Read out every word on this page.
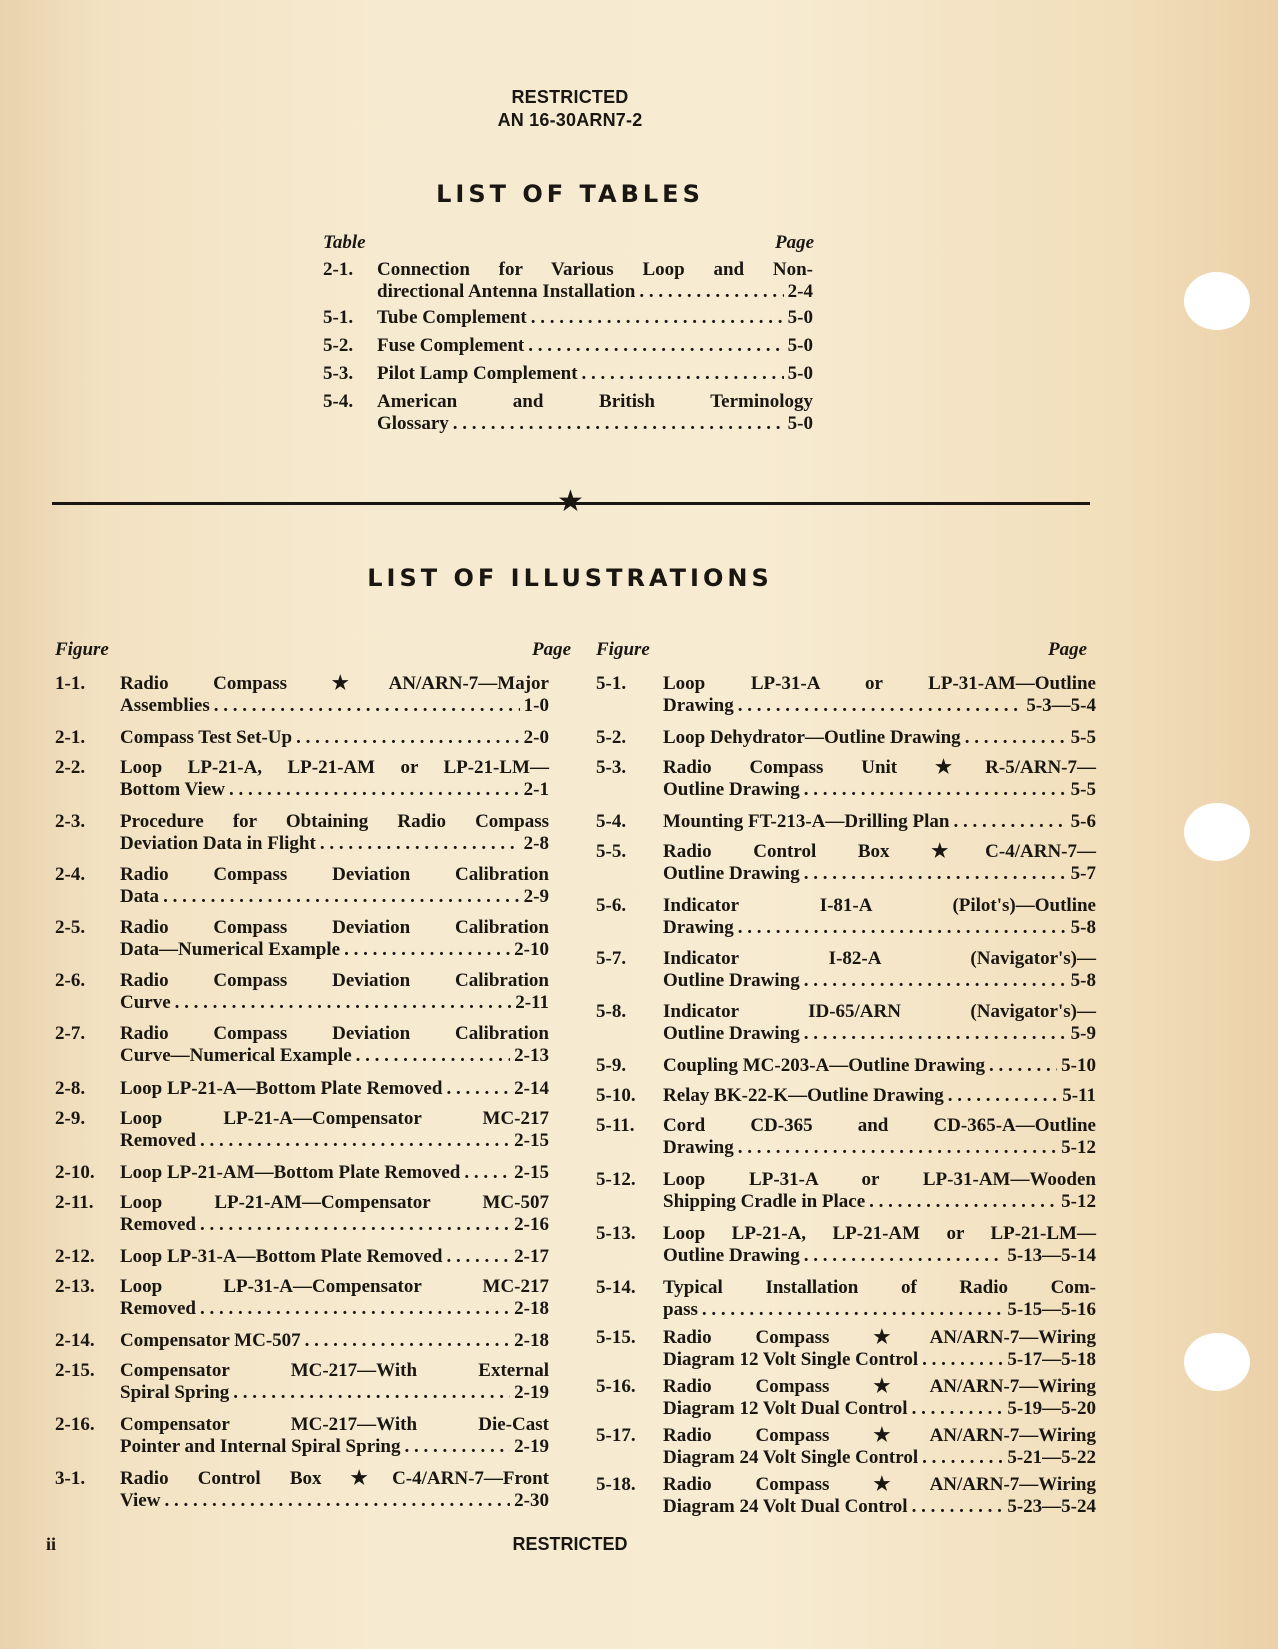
RESTRICTED
AN 16-30ARN7-2
LIST OF TABLES
Table	Page
2-1. Connection for Various Loop and Non-
directional Antenna Installation . . .	2-4
5-1. Tube Complement . . .	5-0
5-2. Fuse Complement . . .	5-0
5-3. Pilot Lamp Complement . . .	5-0
5-4. American and British Terminology
Glossary . . .	5-0
★
LIST OF ILLUSTRATIONS
Figure	Page Figure	Page
1-1. Radio Compass ★AN/ARN-7—Major
Assemblies . . .	1-0
2-1. Compass Test Set-Up . . .	2-0
2-2. Loop LP-21-A, LP-21-AM or LP-21-LM—
Bottom View . . .	2-1
2-3. Procedure for Obtaining Radio Compass
Deviation Data in Flight . . .	2-8
2-4. Radio Compass Deviation Calibration
Data . . .	2-9
2-5. Radio Compass Deviation Calibration
Data—Numerical Example . . .	2-10
2-6. Radio Compass Deviation Calibration
Curve . . .	2-11
2-7. Radio Compass Deviation Calibration
Curve—Numerical Example . . .	2-13
2-8. Loop LP-21-A—Bottom Plate Removed . . .	2-14
2-9. Loop LP-21-A—Compensator MC-217
Removed . . .	2-15
2-10. Loop LP-21-AM—Bottom Plate Removed . . .	2-15
2-11. Loop LP-21-AM—Compensator MC-507
Removed . . .	2-16
2-12. Loop LP-31-A—Bottom Plate Removed . . .	2-17
2-13. Loop LP-31-A—Compensator MC-217
Removed . . .	2-18
2-14. Compensator MC-507 . . .	2-18
2-15. Compensator MC-217—With External
Spiral Spring . . .	2-19
2-16. Compensator MC-217—With Die-Cast
Pointer and Internal Spiral Spring . . .	2-19
3-1. Radio Control Box ★C-4/ARN-7—Front
View . . .	2-30
5-1. Loop LP-31-A or LP-31-AM—Outline
Drawing . . .	5-3—5-4
5-2. Loop Dehydrator—Outline Drawing . . .	5-5
5-3. Radio Compass Unit ★R-5/ARN-7—
Outline Drawing . . .	5-5
5-4. Mounting FT-213-A—Drilling Plan . . .	5-6
5-5. Radio Control Box ★C-4/ARN-7—
Outline Drawing . . .	5-7
5-6. Indicator I-81-A (Pilot's)—Outline
Drawing . . .	5-8
5-7. Indicator I-82-A (Navigator's)—
Outline Drawing . . .	5-8
5-8. Indicator ID-65/ARN (Navigator's)—
Outline Drawing . . .	5-9
5-9. Coupling MC-203-A—Outline Drawing . . .	5-10
5-10. Relay BK-22-K—Outline Drawing . . .	5-11
5-11. Cord CD-365 and CD-365-A—Outline
Drawing . . .	5-12
5-12. Loop LP-31-A or LP-31-AM—Wooden
Shipping Cradle in Place . . .	5-12
5-13. Loop LP-21-A, LP-21-AM or LP-21-LM—
Outline Drawing . . .	5-13—5-14
5-14. Typical Installation of Radio Com-
pass . . .	5-15—5-16
5-15. Radio Compass ★AN/ARN-7—Wiring
Diagram 12 Volt Single Control . . .	5-17—5-18
5-16. Radio Compass ★AN/ARN-7—Wiring
Diagram 12 Volt Dual Control . . .	5-19—5-20
5-17. Radio Compass ★AN/ARN-7—Wiring
Diagram 24 Volt Single Control . . .	5-21—5-22
5-18. Radio Compass ★AN/ARN-7—Wiring
Diagram 24 Volt Dual Control . . .	5-23—5-24
ii	RESTRICTED
